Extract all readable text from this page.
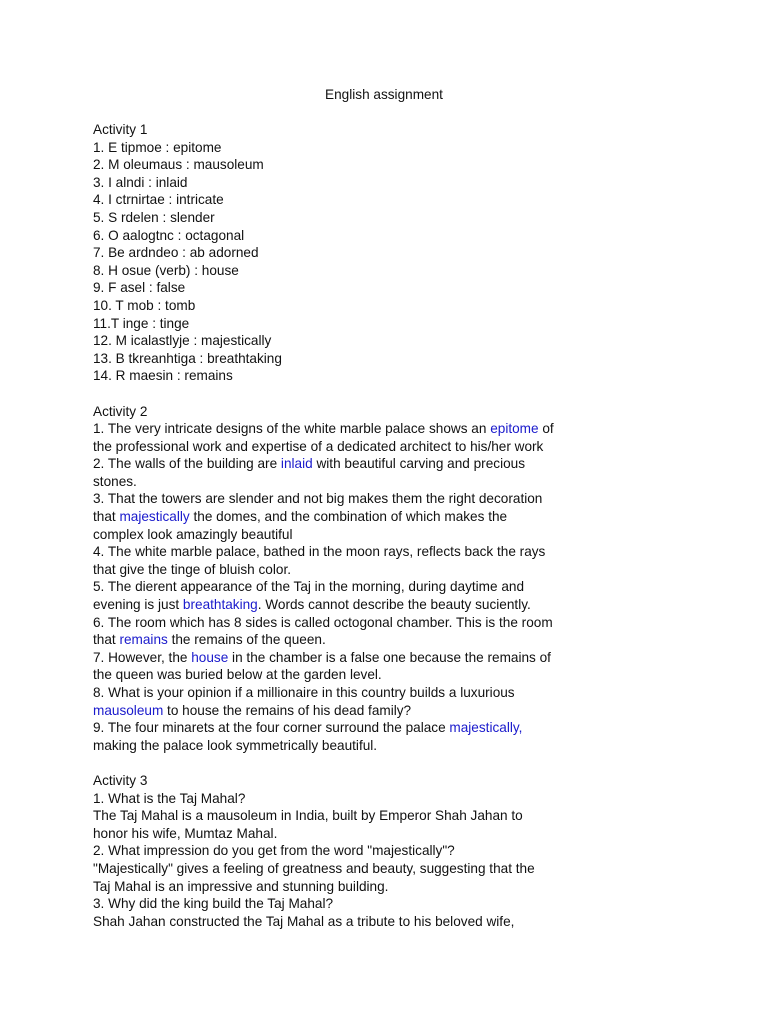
English assignment
Activity 1
1. E tipmoe : epitome
2. M oleumaus : mausoleum
3. I alndi : inlaid
4. I ctrnirtae : intricate
5. S rdelen : slender
6. O aalogtnc : octagonal
7. Be ardndeo : ab adorned
8. H osue (verb) : house
9. F asel : false
10. T mob : tomb
11.T inge : tinge
12. M icalastlyje : majestically
13. B tkreanhtiga : breathtaking
14. R maesin : remains
Activity 2
1. The very intricate designs of the white marble palace shows an epitome of
the professional work and expertise of a dedicated architect to his/her work
2. The walls of the building are inlaid with beautiful carving and precious
stones.
3. That the towers are slender and not big makes them the right decoration
that majestically the domes, and the combination of which makes the
complex look amazingly beautiful
4. The white marble palace, bathed in the moon rays, reflects back the rays
that give the tinge of bluish color.
5. The dierent appearance of the Taj in the morning, during daytime and
evening is just breathtaking. Words cannot describe the beauty suciently.
6. The room which has 8 sides is called octogonal chamber. This is the room
that remains the remains of the queen.
7. However, the house in the chamber is a false one because the remains of
the queen was buried below at the garden level.
8. What is your opinion if a millionaire in this country builds a luxurious
mausoleum to house the remains of his dead family?
9. The four minarets at the four corner surround the palace majestically,
making the palace look symmetrically beautiful.
Activity 3
1. What is the Taj Mahal?
The Taj Mahal is a mausoleum in India, built by Emperor Shah Jahan to
honor his wife, Mumtaz Mahal.
2. What impression do you get from the word "majestically"?
"Majestically" gives a feeling of greatness and beauty, suggesting that the
Taj Mahal is an impressive and stunning building.
3. Why did the king build the Taj Mahal?
Shah Jahan constructed the Taj Mahal as a tribute to his beloved wife,
